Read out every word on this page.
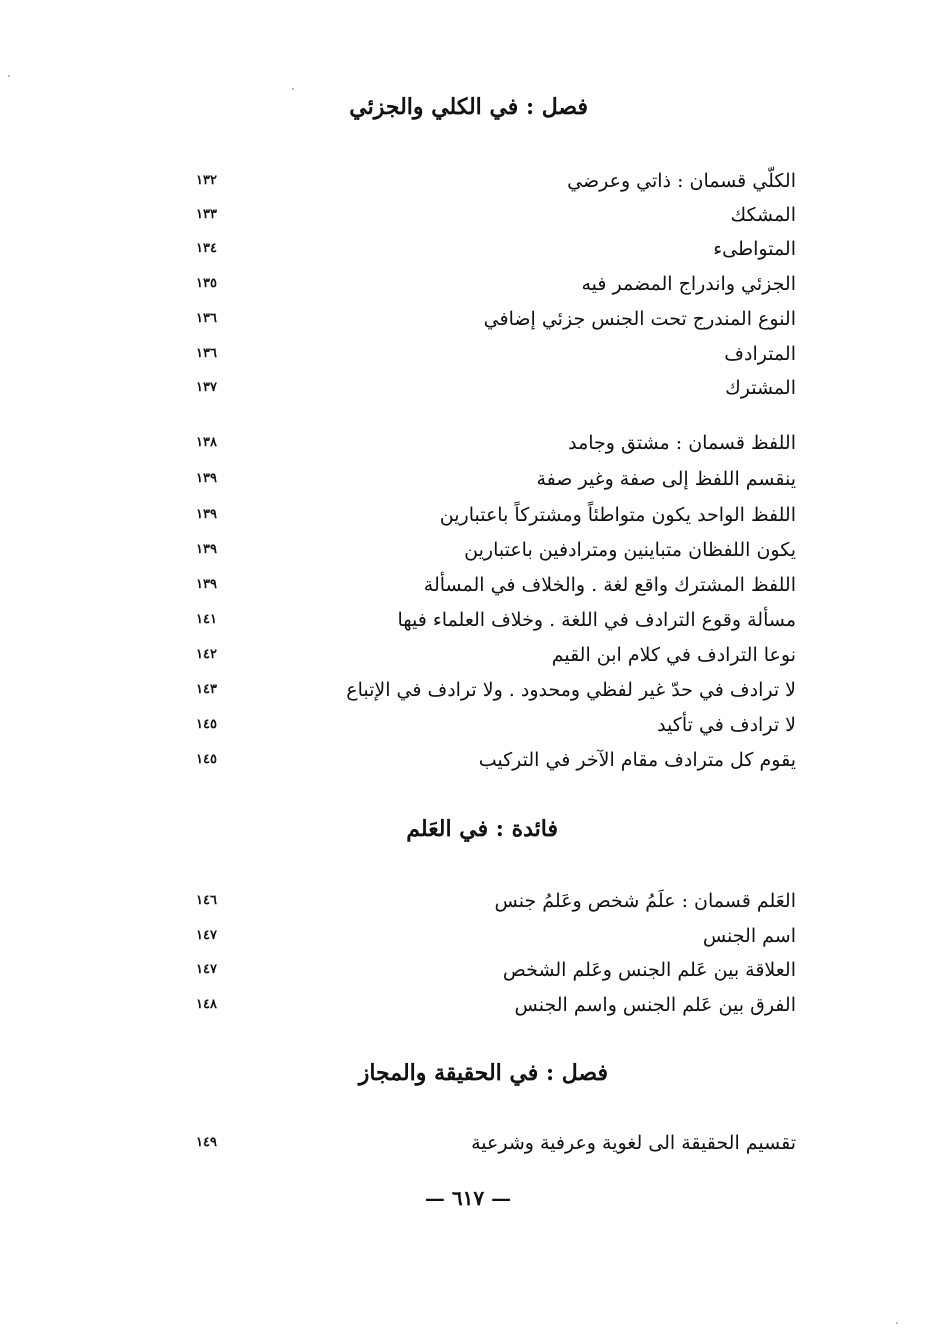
فصل : في الكلي والجزئي
الكلّي قسمان : ذاتي وعرضي
١٣٢
المشكك
١٣٣
المتواطىء
١٣٤
الجزئي واندراج المضمر فيه
١٣٥
النوع المندرج تحت الجنس جزئي إضافي
١٣٦
المترادف
١٣٦
المشترك
١٣٧
اللفظ قسمان : مشتق وجامد
١٣٨
ينقسم اللفظ إلى صفة وغير صفة
١٣٩
اللفظ الواحد يكون متواطئاً ومشتركاً باعتبارين
١٣٩
يكون اللفظان متباينين ومترادفين باعتبارين
١٣٩
اللفظ المشترك واقع لغة . والخلاف في المسألة
١٣٩
مسألة وقوع الترادف في اللغة . وخلاف العلماء فيها
١٤١
نوعا الترادف في كلام ابن القيم
١٤٢
لا ترادف في حدّ غير لفظي ومحدود . ولا ترادف في الإتباع
١٤٣
لا ترادف في تأكيد
١٤٥
يقوم كل مترادف مقام الآخر في التركيب
١٤٥
فائدة : في العَلم
العَلم قسمان : علَمُ شخص وعَلمُ جنس
١٤٦
اسم الجنس
١٤٧
العلاقة بين عَلم الجنس وعَلم الشخص
١٤٧
الفرق بين عَلم الجنس واسم الجنس
١٤٨
فصل : في الحقيقة والمجاز
تقسيم الحقيقة الى لغوية وعرفية وشرعية
١٤٩
— ٦١٧ —
